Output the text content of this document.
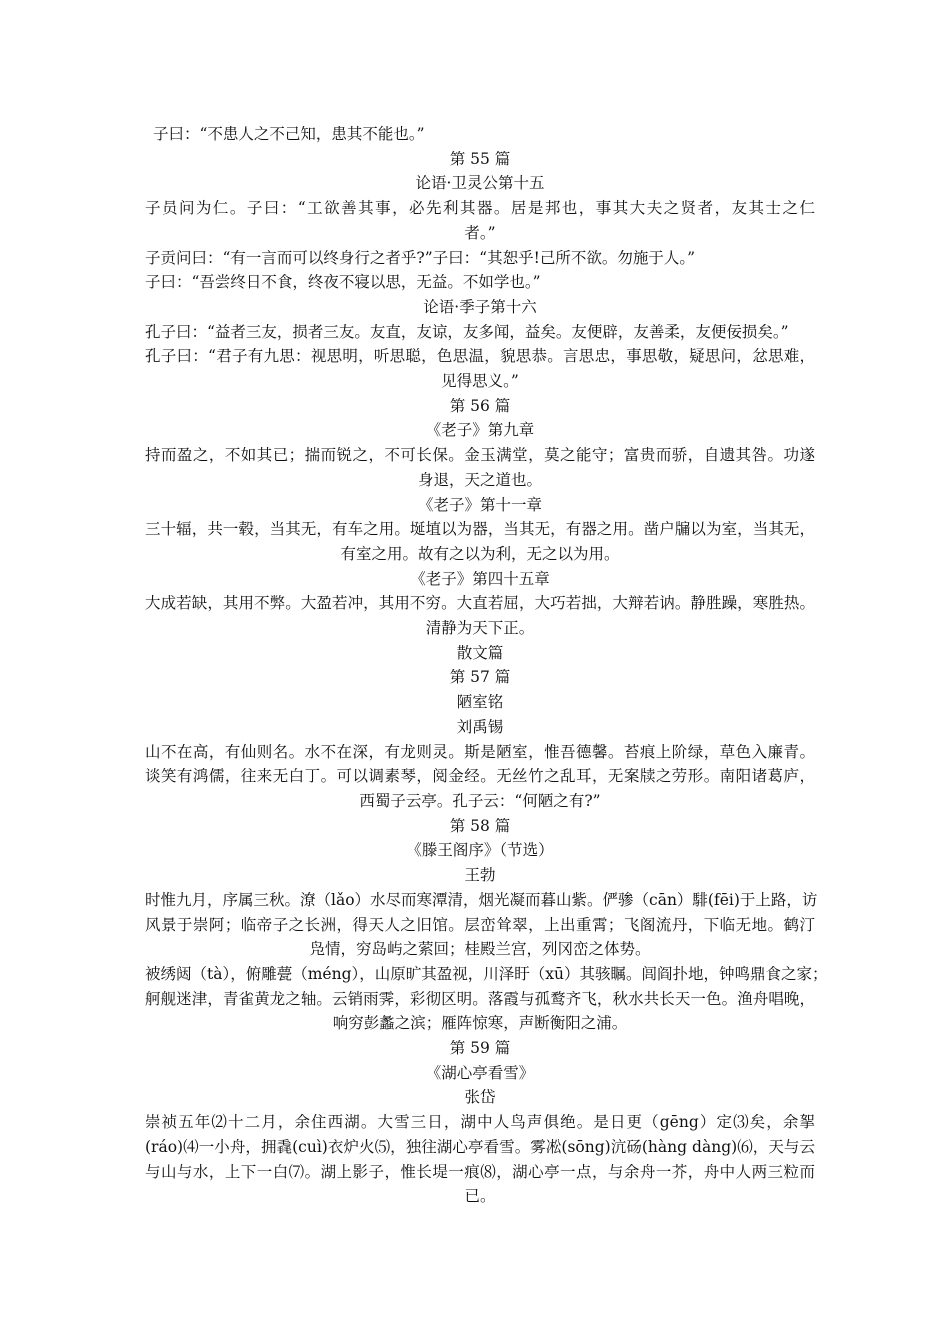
子曰：“不患人之不己知，患其不能也。”
第 55 篇
论语·卫灵公第十五
子员问为仁。子曰：“工欲善其事，必先利其器。居是邦也，事其大夫之贤者，友其士之仁
者。”
子贡问曰：“有一言而可以终身行之者乎?”子曰：“其恕乎!己所不欲。勿施于人。”
子曰：“吾尝终日不食，终夜不寝以思，无益。不如学也。”
论语·季子第十六
孔子曰：“益者三友，损者三友。友直，友谅，友多闻，益矣。友便辟，友善柔，友便佞损矣。”
孔子曰：“君子有九思：视思明，听思聪，色思温，貌思恭。言思忠，事思敬，疑思问，忿思难，
见得思义。”
第 56 篇
《老子》第九章
持而盈之，不如其已；揣而锐之，不可长保。金玉满堂，莫之能守；富贵而骄，自遗其咎。功遂
身退，天之道也。
《老子》第十一章
三十辐，共一毂，当其无，有车之用。埏埴以为器，当其无，有器之用。凿户牖以为室，当其无，
有室之用。故有之以为利，无之以为用。
《老子》第四十五章
大成若缺，其用不弊。大盈若冲，其用不穷。大直若屈，大巧若拙，大辩若讷。静胜躁，寒胜热。
清静为天下正。
散文篇
第 57 篇
陋室铭
刘禹锡
山不在高，有仙则名。水不在深，有龙则灵。斯是陋室，惟吾德馨。苔痕上阶绿，草色入廉青。
谈笑有鸿儒，往来无白丁。可以调素琴，阅金经。无丝竹之乱耳，无案牍之劳形。南阳诸葛庐，
西蜀子云亭。孔子云：“何陋之有?”
第 58 篇
《滕王阁序》（节选）
王勃
时惟九月，序属三秋。潦（lǎo）水尽而寒潭清，烟光凝而暮山紫。俨骖（cān）騑(fēi)于上路，访
风景于崇阿；临帝子之长洲，得天人之旧馆。层峦耸翠，上出重霄；飞阁流丹，下临无地。鹤汀
凫情，穷岛屿之萦回；桂殿兰宫，列冈峦之体势。
被绣闼（tà），俯雕甍（méng），山原旷其盈视，川泽盱（xū）其骇瞩。闾阎扑地，钟鸣鼎食之家；
舸舰迷津，青雀黄龙之轴。云销雨霁，彩彻区明。落霞与孤鹜齐飞，秋水共长天一色。渔舟唱晚，
响穷彭蠡之滨；雁阵惊寒，声断衡阳之浦。
第 59 篇
《湖心亭看雪》
张岱
崇祯五年⑵十二月，余住西湖。大雪三日，湖中人鸟声俱绝。是日更（gēng）定⑶矣，余挐
(ráo)⑷一小舟，拥毳(cuì)衣炉火⑸，独往湖心亭看雪。雾凇(sōng)沆砀(hàng dàng)⑹，天与云
与山与水，上下一白⑺。湖上影子，惟长堤一痕⑻，湖心亭一点，与余舟一芥，舟中人两三粒而
已。
